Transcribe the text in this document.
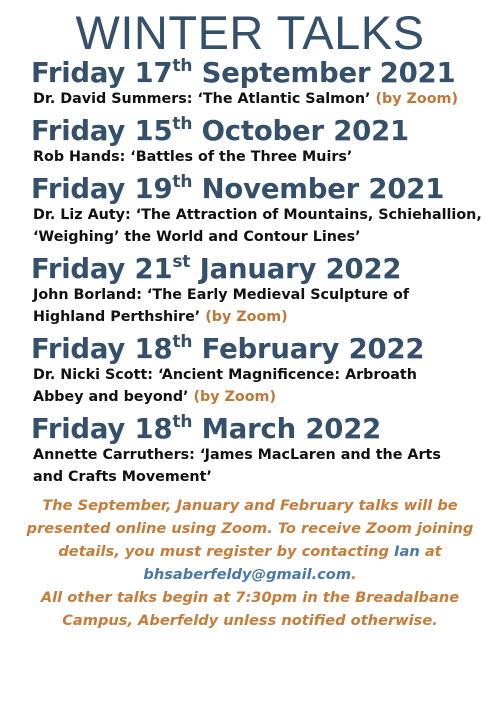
WINTER TALKS

Friday 17th September 2021

Dr. David Summers: ‘The Atlantic Salmon’ (by Zoom)

Friday 15th October 2021

Rob Hands: ‘Battles of the Three Muirs’

Friday 19th November 2021

Dr. Liz Auty: ‘The Attraction of Mountains, Schiehallion,
‘Weighing’ the World and Contour Lines’

Friday 21st January 2022

John Borland: ‘The Early Medieval Sculpture of
Highland Perthshire’ (by Zoom)

Friday 18th February 2022

Dr. Nicki Scott: ‘Ancient Magnificence: Arbroath
Abbey and beyond’ (by Zoom)

Friday 18th March 2022

Annette Carruthers: ‘James MacLaren and the Arts
and Crafts Movement’

The September, January and February talks will be
presented online using Zoom. To receive Zoom joining
details, you must register by contacting Ian at
bhsaberfeldy@gmail.com.
All other talks begin at 7:30pm in the Breadalbane
Campus, Aberfeldy unless notified otherwise.
